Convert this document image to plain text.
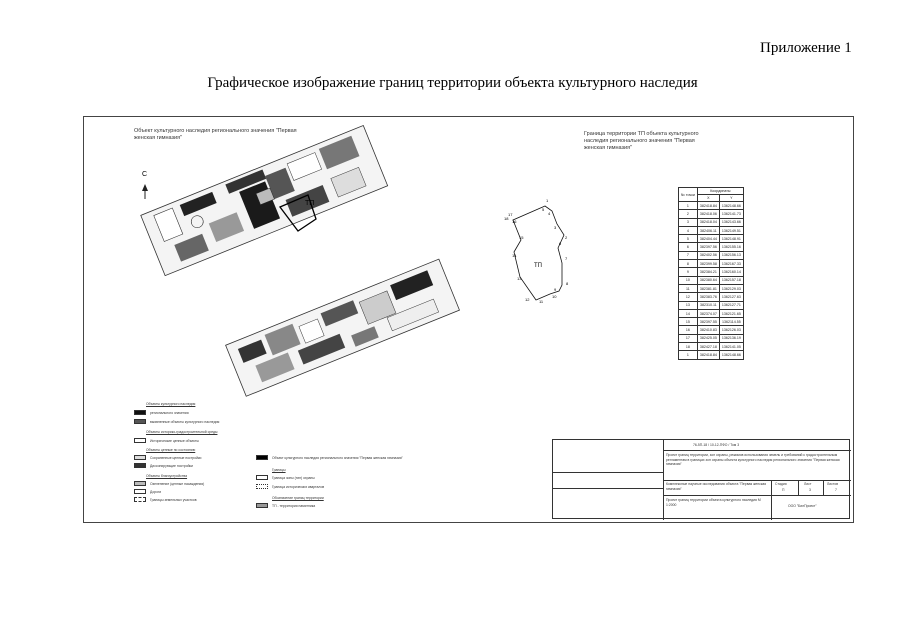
Приложение 1
Графическое изображение границ территории объекта культурного наследия
ТП
ТП
1
2
3
4
5
6
7
8
9
10
11
12
13
14
15
16
17
18
Объект культурного наследия регионального значения "Первая женская гимназия"
С
Граница территории ТП объекта культурного наследия регионального значения "Первая женская гимназия"
№ точки	Координаты	
	X	Y
1	382418.84	1362148.66
2	382418.06	1362141.73
3	382418.04	1362143.66
4	382406.11	1362149.51
5	382404.44	1362148.91
6	382397.56	1362155.16
7	382402.56	1362156.13
8	382399.58	1362167.33
9	382384.21	1362160.14
10	382380.64	1362157.18
11	382381.81	1362129.03
12	382383.76	1362127.63
13	382310.11	1362127.71
14	382374.07	1362121.65
15	382397.55	1362114.55
16	382410.83	1362126.03
17	382425.05	1362136.19
18	382427.18	1362141.05
1	382418.84	1362148.66
Объекты культурного наследия
регионального значения
выявленные объекты культурного наследия
Объекты историко-градостроительной среды
Исторические ценные объекты
Объекты ценные по состоянию
Сохраненные ценные постройки
Диссонирующие постройки
Объекты благоустройства
Озеленение (ценные насаждения)
Дороги
Границы земельных участков
Объект культурного наследия регионального значения "Первая женская гимназия"
Границы
Граница зоны (тип) охраны
Граница исторических кварталов
Обозначение границ территории
ТП - территория памятника
76-5П-18 / 10-12-ПФО / Том 3
Проект границ территории, зон охраны, режимов использования земель и требований к градостроительным регламентам в границах зон охраны объекта культурного наследия регионального значения "Первая женская гимназия"
Комплексные научные исследования объекта "Первая женская гимназия"
Стадия	Лист	Листов
П	3	7
Проект границ территории объекта культурного наследия М 1:2000	ООО "БилПроект"
